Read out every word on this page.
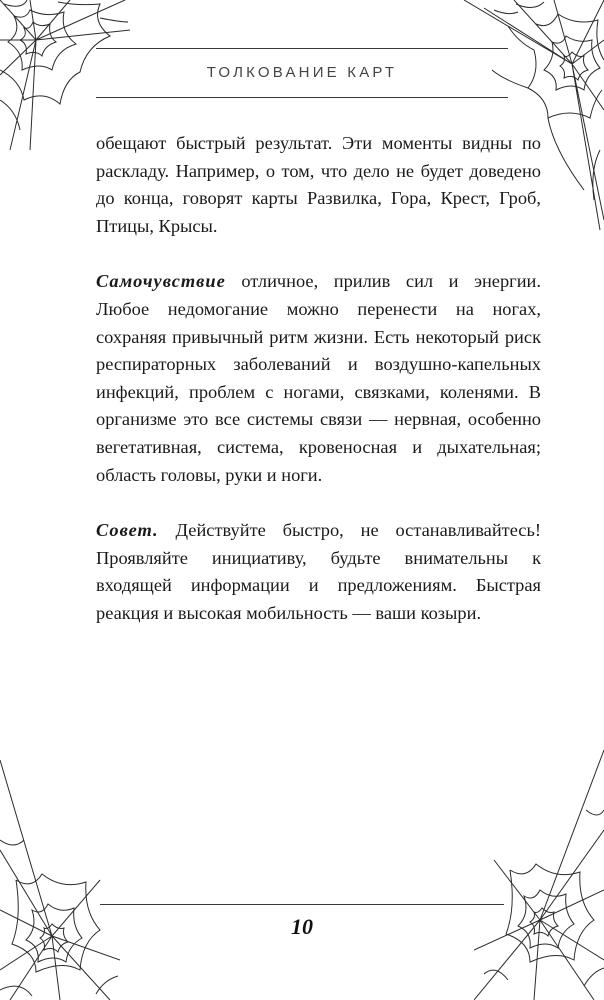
ТОЛКОВАНИЕ КАРТ

обещают быстрый результат. Эти моменты видны по раскладу. Например, о том, что дело не будет доведено до конца, говорят карты Развилка, Гора, Крест, Гроб, Птицы, Крысы.

Самочувствие отличное, прилив сил и энергии. Любое недомогание можно перенести на ногах, сохраняя привычный ритм жизни. Есть некоторый риск респираторных заболеваний и воздушно-капельных инфекций, проблем с ногами, связками, коленями. В организме это все системы связи — нервная, особенно вегетативная, система, кровеносная и дыхательная; область головы, руки и ноги.

Совет. Действуйте быстро, не останавливайтесь! Проявляйте инициативу, будьте внимательны к входящей информации и предложениям. Быстрая реакция и высокая мобильность — ваши козыри.

10
